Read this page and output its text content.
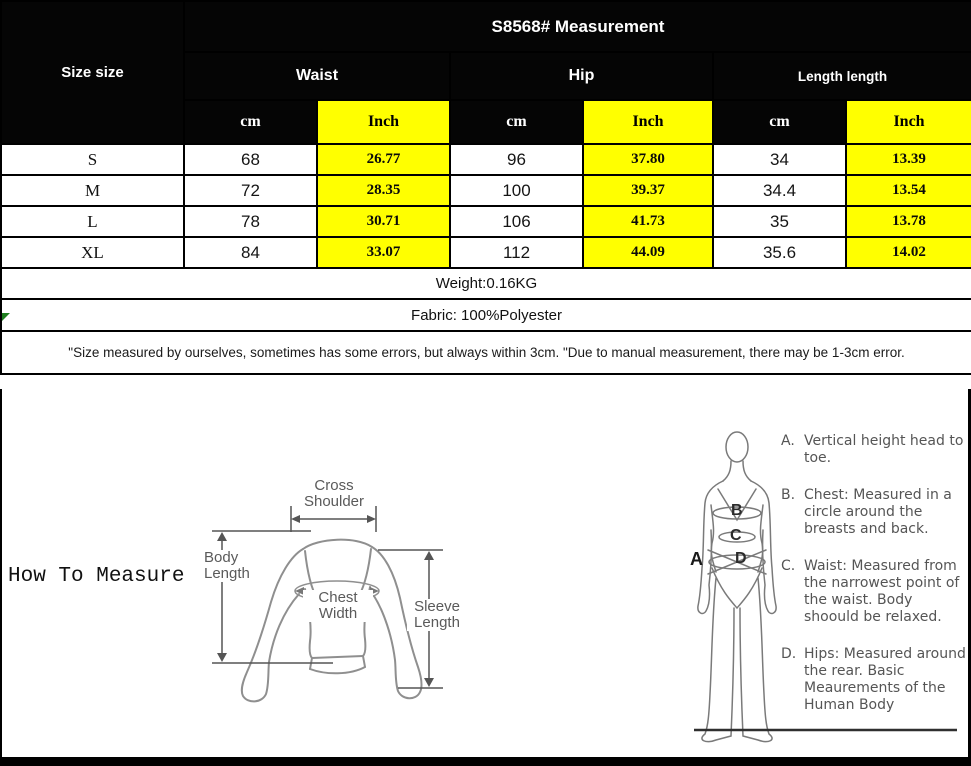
Size size	S8568# Measurement					
	Waist		Hip		Length length	
	cm	Inch	cm	Inch	cm	Inch
S	68	26.77	96	37.80	34	13.39
M	72	28.35	100	39.37	34.4	13.54
L	78	30.71	106	41.73	35	13.78
XL	84	33.07	112	44.09	35.6	14.02
Weight:0.16KG						
Fabric: 100%Polyester						
"Size measured by ourselves, sometimes has some errors, but always within 3cm. "Due to manual measurement, there may be 1-3cm error.						
Cross Shoulder
Body Length
Chest Width	Sleeve Length
A
B
C
D
How To Measure
A. Vertical height head to toe.
B. Chest: Measured in a circle around the breasts and back.
C. Waist: Measured from the narrowest point of the waist. Body shoould be relaxed.
D. Hips: Measured around the rear. Basic Meaurements of the Human Body
